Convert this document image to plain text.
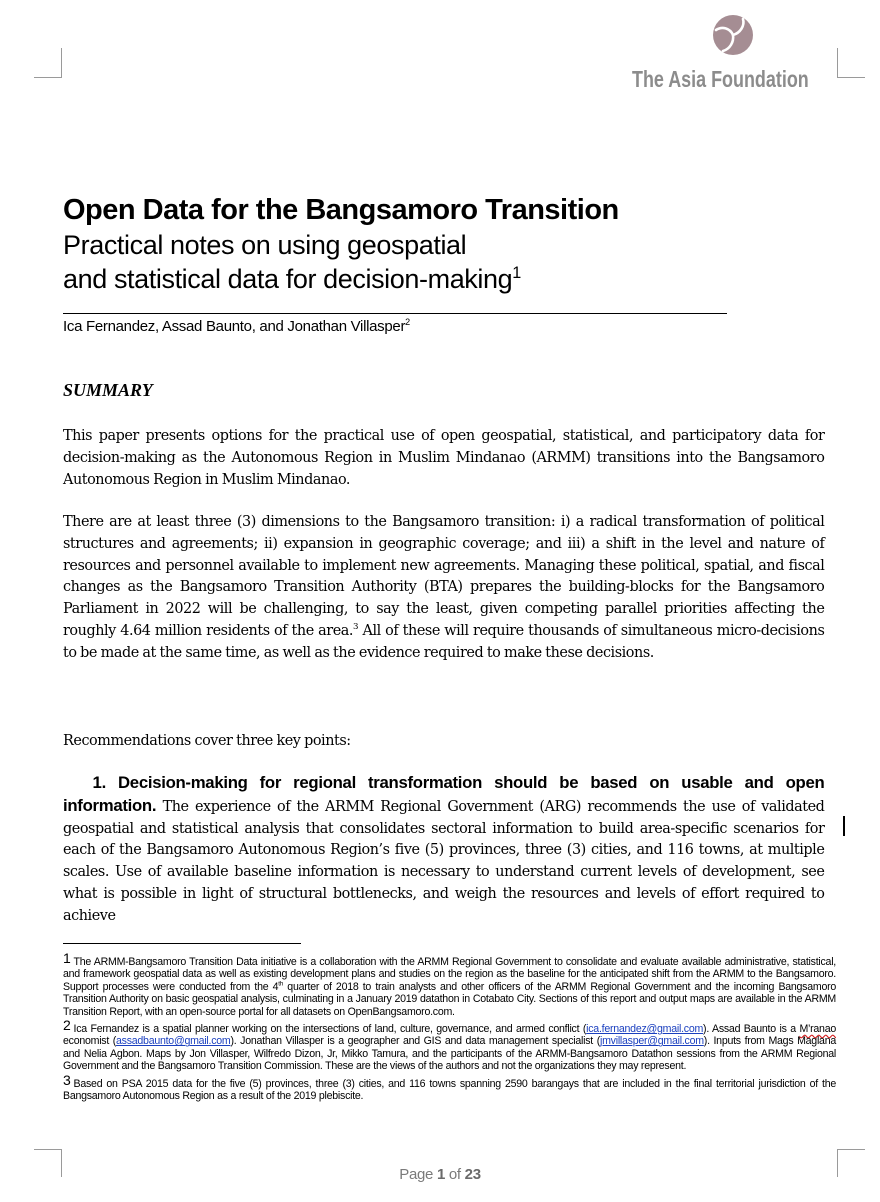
The Asia Foundation
Open Data for the Bangsamoro Transition
Practical notes on using geospatial
and statistical data for decision-making$^1$
Ica Fernandez, Assad Baunto, and Jonathan Villasper$^2$
SUMMARY
This paper presents options for the practical use of open geospatial, statistical, and participatory data for decision-making as the Autonomous Region in Muslim Mindanao (ARMM) transitions into the Bangsamoro Autonomous Region in Muslim Mindanao.
There are at least three (3) dimensions to the Bangsamoro transition: i) a radical transformation of political structures and agreements; ii) expansion in geographic coverage; and iii) a shift in the level and nature of resources and personnel available to implement new agreements. Managing these political, spatial, and fiscal changes as the Bangsamoro Transition Authority (BTA) prepares the building-blocks for the Bangsamoro Parliament in 2022 will be challenging, to say the least, given competing parallel priorities affecting the roughly 4.64 million residents of the area.$^3$ All of these will require thousands of simultaneous micro-decisions to be made at the same time, as well as the evidence required to make these decisions.
Recommendations cover three key points:
1. Decision-making for regional transformation should be based on usable and open information. The experience of the ARMM Regional Government (ARG) recommends the use of validated geospatial and statistical analysis that consolidates sectoral information to build area-specific scenarios for each of the Bangsamoro Autonomous Region’s five (5) provinces, three (3) cities, and 116 towns, at multiple scales. Use of available baseline information is necessary to understand current levels of development, see what is possible in light of structural bottlenecks, and weigh the resources and levels of effort required to achieve
1 The ARMM-Bangsamoro Transition Data initiative is a collaboration with the ARMM Regional Government to consolidate and evaluate available administrative, statistical, and framework geospatial data as well as existing development plans and studies on the region as the baseline for the anticipated shift from the ARMM to the Bangsamoro. Support processes were conducted from the 4th quarter of 2018 to train analysts and other officers of the ARMM Regional Government and the incoming Bangsamoro Transition Authority on basic geospatial analysis, culminating in a January 2019 datathon in Cotabato City. Sections of this report and output maps are available in the ARMM Transition Report, with an open-source portal for all datasets on OpenBangsamoro.com.
2 Ica Fernandez is a spatial planner working on the intersections of land, culture, governance, and armed conflict (ica.fernandez@gmail.com). Assad Baunto is a M’ranao economist (assadbaunto@gmail.com). Jonathan Villasper is a geographer and GIS and data management specialist (jmvillasper@gmail.com). Inputs from Mags Maglana and Nelia Agbon. Maps by Jon Villasper, Wilfredo Dizon, Jr, Mikko Tamura, and the participants of the ARMM-Bangsamoro Datathon sessions from the ARMM Regional Government and the Bangsamoro Transition Commission. These are the views of the authors and not the organizations they may represent.
3 Based on PSA 2015 data for the five (5) provinces, three (3) cities, and 116 towns spanning 2590 barangays that are included in the final territorial jurisdiction of the Bangsamoro Autonomous Region as a result of the 2019 plebiscite.
Page 1 of 23
